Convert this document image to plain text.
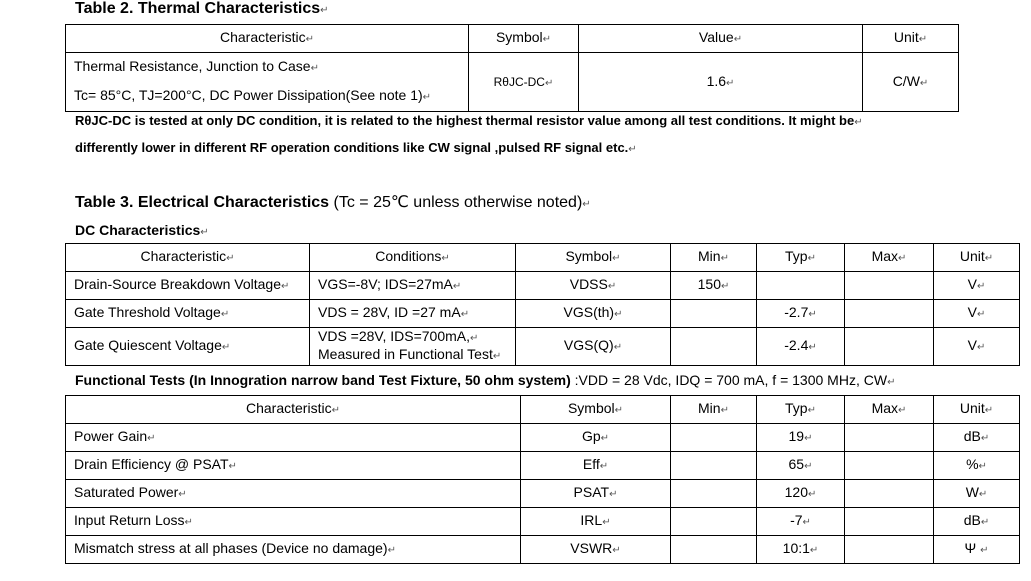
Table 2. Thermal Characteristics↵
Characteristic↵	Symbol↵	Value↵	Unit↵

Thermal Resistance, Junction to Case↵
Tc= 85°C, TJ=200°C, DC Power Dissipation(See note 1)↵	RθJC-DC↵	1.6↵	C/W↵
RθJC-DC is tested at only DC condition, it is related to the highest thermal resistor value among all test conditions. It might be↵
differently lower in different RF operation conditions like CW signal ,pulsed RF signal etc.↵
Table 3. Electrical Characteristics (Tc = 25℃ unless otherwise noted)↵
DC Characteristics↵
Characteristic↵	Conditions↵	Symbol↵	Min↵	Typ↵	Max↵	Unit↵
Drain-Source Breakdown Voltage↵	VGS=-8V; IDS=27mA↵	VDSS↵	150↵			V↵
Gate Threshold Voltage↵	VDS = 28V, ID =27 mA↵	VGS(th)↵		-2.7↵		V↵
Gate Quiescent Voltage↵	VDS =28V, IDS=700mA,↵
Measured in Functional Test↵	VGS(Q)↵		-2.4↵		V↵
Functional Tests (In Innogration narrow band Test Fixture, 50 ohm system) :VDD = 28 Vdc, IDQ = 700 mA, f = 1300 MHz, CW↵
Characteristic↵	Symbol↵	Min↵	Typ↵	Max↵	Unit↵
Power Gain↵	Gp↵		19↵		dB↵
Drain Efficiency @ PSAT↵	Eff↵		65↵		%↵
Saturated Power↵	PSAT↵		120↵		W↵
Input Return Loss↵	IRL↵		-7↵		dB↵
Mismatch stress at all phases (Device no damage)↵	VSWR↵		10:1↵		Ψ ↵
